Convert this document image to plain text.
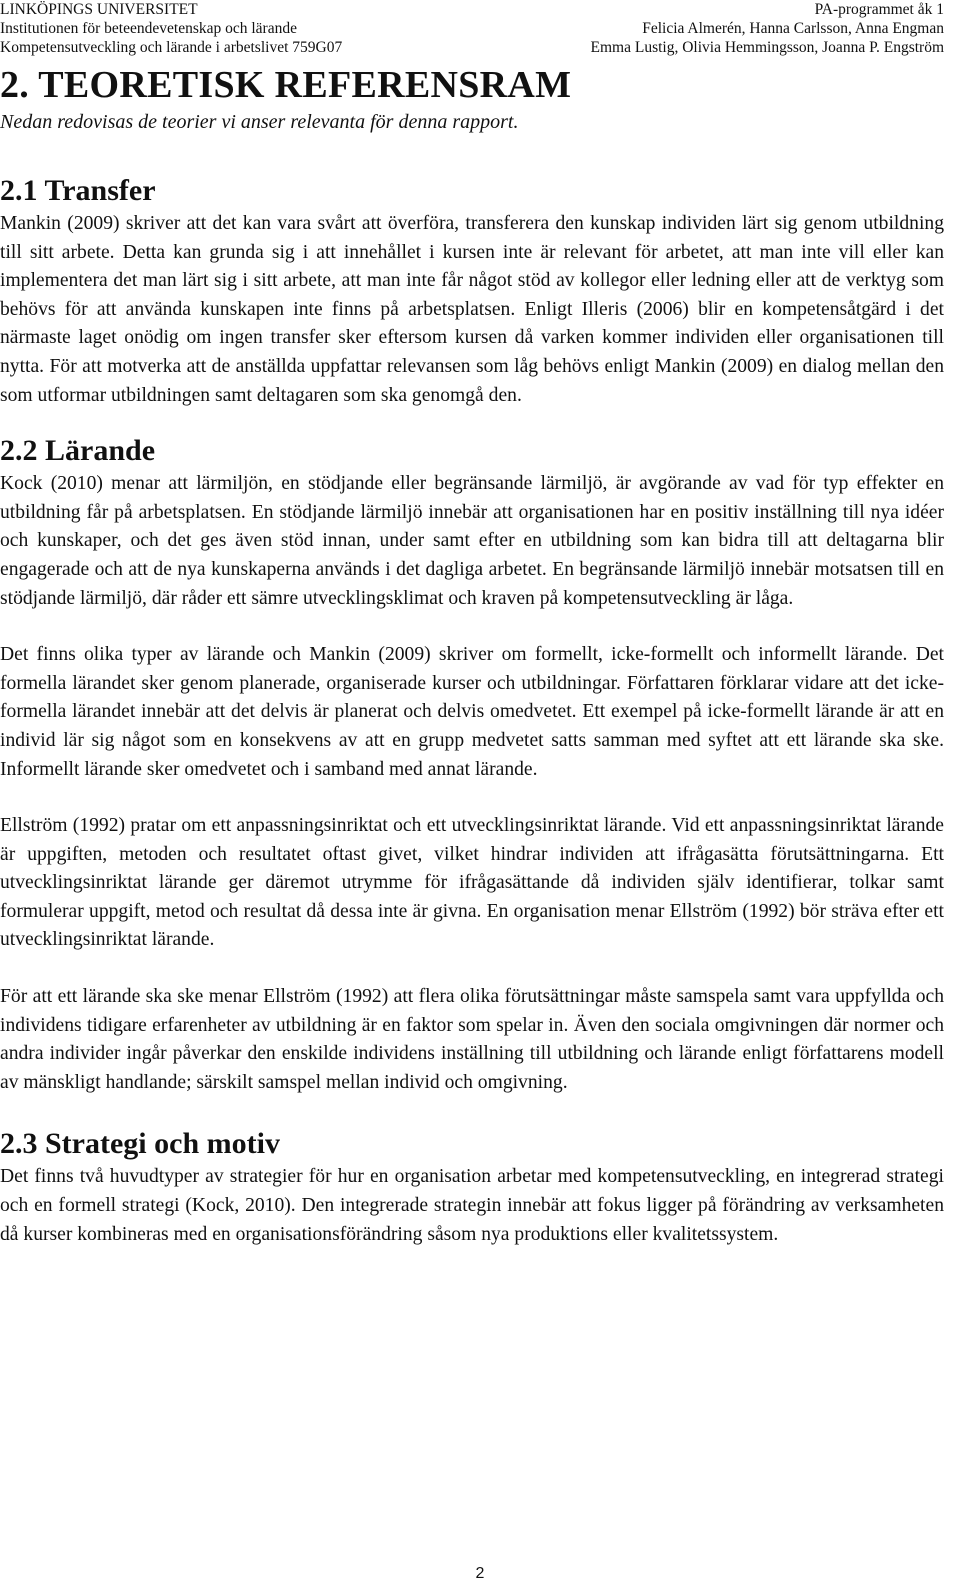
LINKÖPINGS UNIVERSITET
Institutionen för beteendevetenskap och lärande
Kompetensutveckling och lärande i arbetslivet 759G07
PA-programmet åk 1
Felicia Almerén, Hanna Carlsson, Anna Engman
Emma Lustig, Olivia Hemmingsson, Joanna P. Engström
2. TEORETISK REFERENSRAM

Nedan redovisas de teorier vi anser relevanta för denna rapport.

2.1 Transfer

Mankin (2009) skriver att det kan vara svårt att överföra, transferera den kunskap individen lärt sig genom utbildning till sitt arbete. Detta kan grunda sig i att innehållet i kursen inte är relevant för arbetet, att man inte vill eller kan implementera det man lärt sig i sitt arbete, att man inte får något stöd av kollegor eller ledning eller att de verktyg som behövs för att använda kunskapen inte finns på arbetsplatsen. Enligt Illeris (2006) blir en kompetensåtgärd i det närmaste laget onödig om ingen transfer sker eftersom kursen då varken kommer individen eller organisationen till nytta. För att motverka att de anställda uppfattar relevansen som låg behövs enligt Mankin (2009) en dialog mellan den som utformar utbildningen samt deltagaren som ska genomgå den.

2.2 Lärande

Kock (2010) menar att lärmiljön, en stödjande eller begränsande lärmiljö, är avgörande av vad för typ effekter en utbildning får på arbetsplatsen. En stödjande lärmiljö innebär att organisationen har en positiv inställning till nya idéer och kunskaper, och det ges även stöd innan, under samt efter en utbildning som kan bidra till att deltagarna blir engagerade och att de nya kunskaperna används i det dagliga arbetet. En begränsande lärmiljö innebär motsatsen till en stödjande lärmiljö, där råder ett sämre utvecklingsklimat och kraven på kompetensutveckling är låga.

Det finns olika typer av lärande och Mankin (2009) skriver om formellt, icke-formellt och informellt lärande. Det formella lärandet sker genom planerade, organiserade kurser och utbildningar. Författaren förklarar vidare att det icke-formella lärandet innebär att det delvis är planerat och delvis omedvetet. Ett exempel på icke-formellt lärande är att en individ lär sig något som en konsekvens av att en grupp medvetet satts samman med syftet att ett lärande ska ske. Informellt lärande sker omedvetet och i samband med annat lärande.

Ellström (1992) pratar om ett anpassningsinriktat och ett utvecklingsinriktat lärande. Vid ett anpassningsinriktat lärande är uppgiften, metoden och resultatet oftast givet, vilket hindrar individen att ifrågasätta förutsättningarna. Ett utvecklingsinriktat lärande ger däremot utrymme för ifrågasättande då individen själv identifierar, tolkar samt formulerar uppgift, metod och resultat då dessa inte är givna. En organisation menar Ellström (1992) bör sträva efter ett utvecklingsinriktat lärande.

För att ett lärande ska ske menar Ellström (1992) att flera olika förutsättningar måste samspela samt vara uppfyllda och individens tidigare erfarenheter av utbildning är en faktor som spelar in. Även den sociala omgivningen där normer och andra individer ingår påverkar den enskilde individens inställning till utbildning och lärande enligt författarens modell av mänskligt handlande; särskilt samspel mellan individ och omgivning.

2.3 Strategi och motiv

Det finns två huvudtyper av strategier för hur en organisation arbetar med kompetensutveckling, en integrerad strategi och en formell strategi (Kock, 2010). Den integrerade strategin innebär att fokus ligger på förändring av verksamheten då kurser kombineras med en organisationsförändring såsom nya produktions eller kvalitetssystem.

2
